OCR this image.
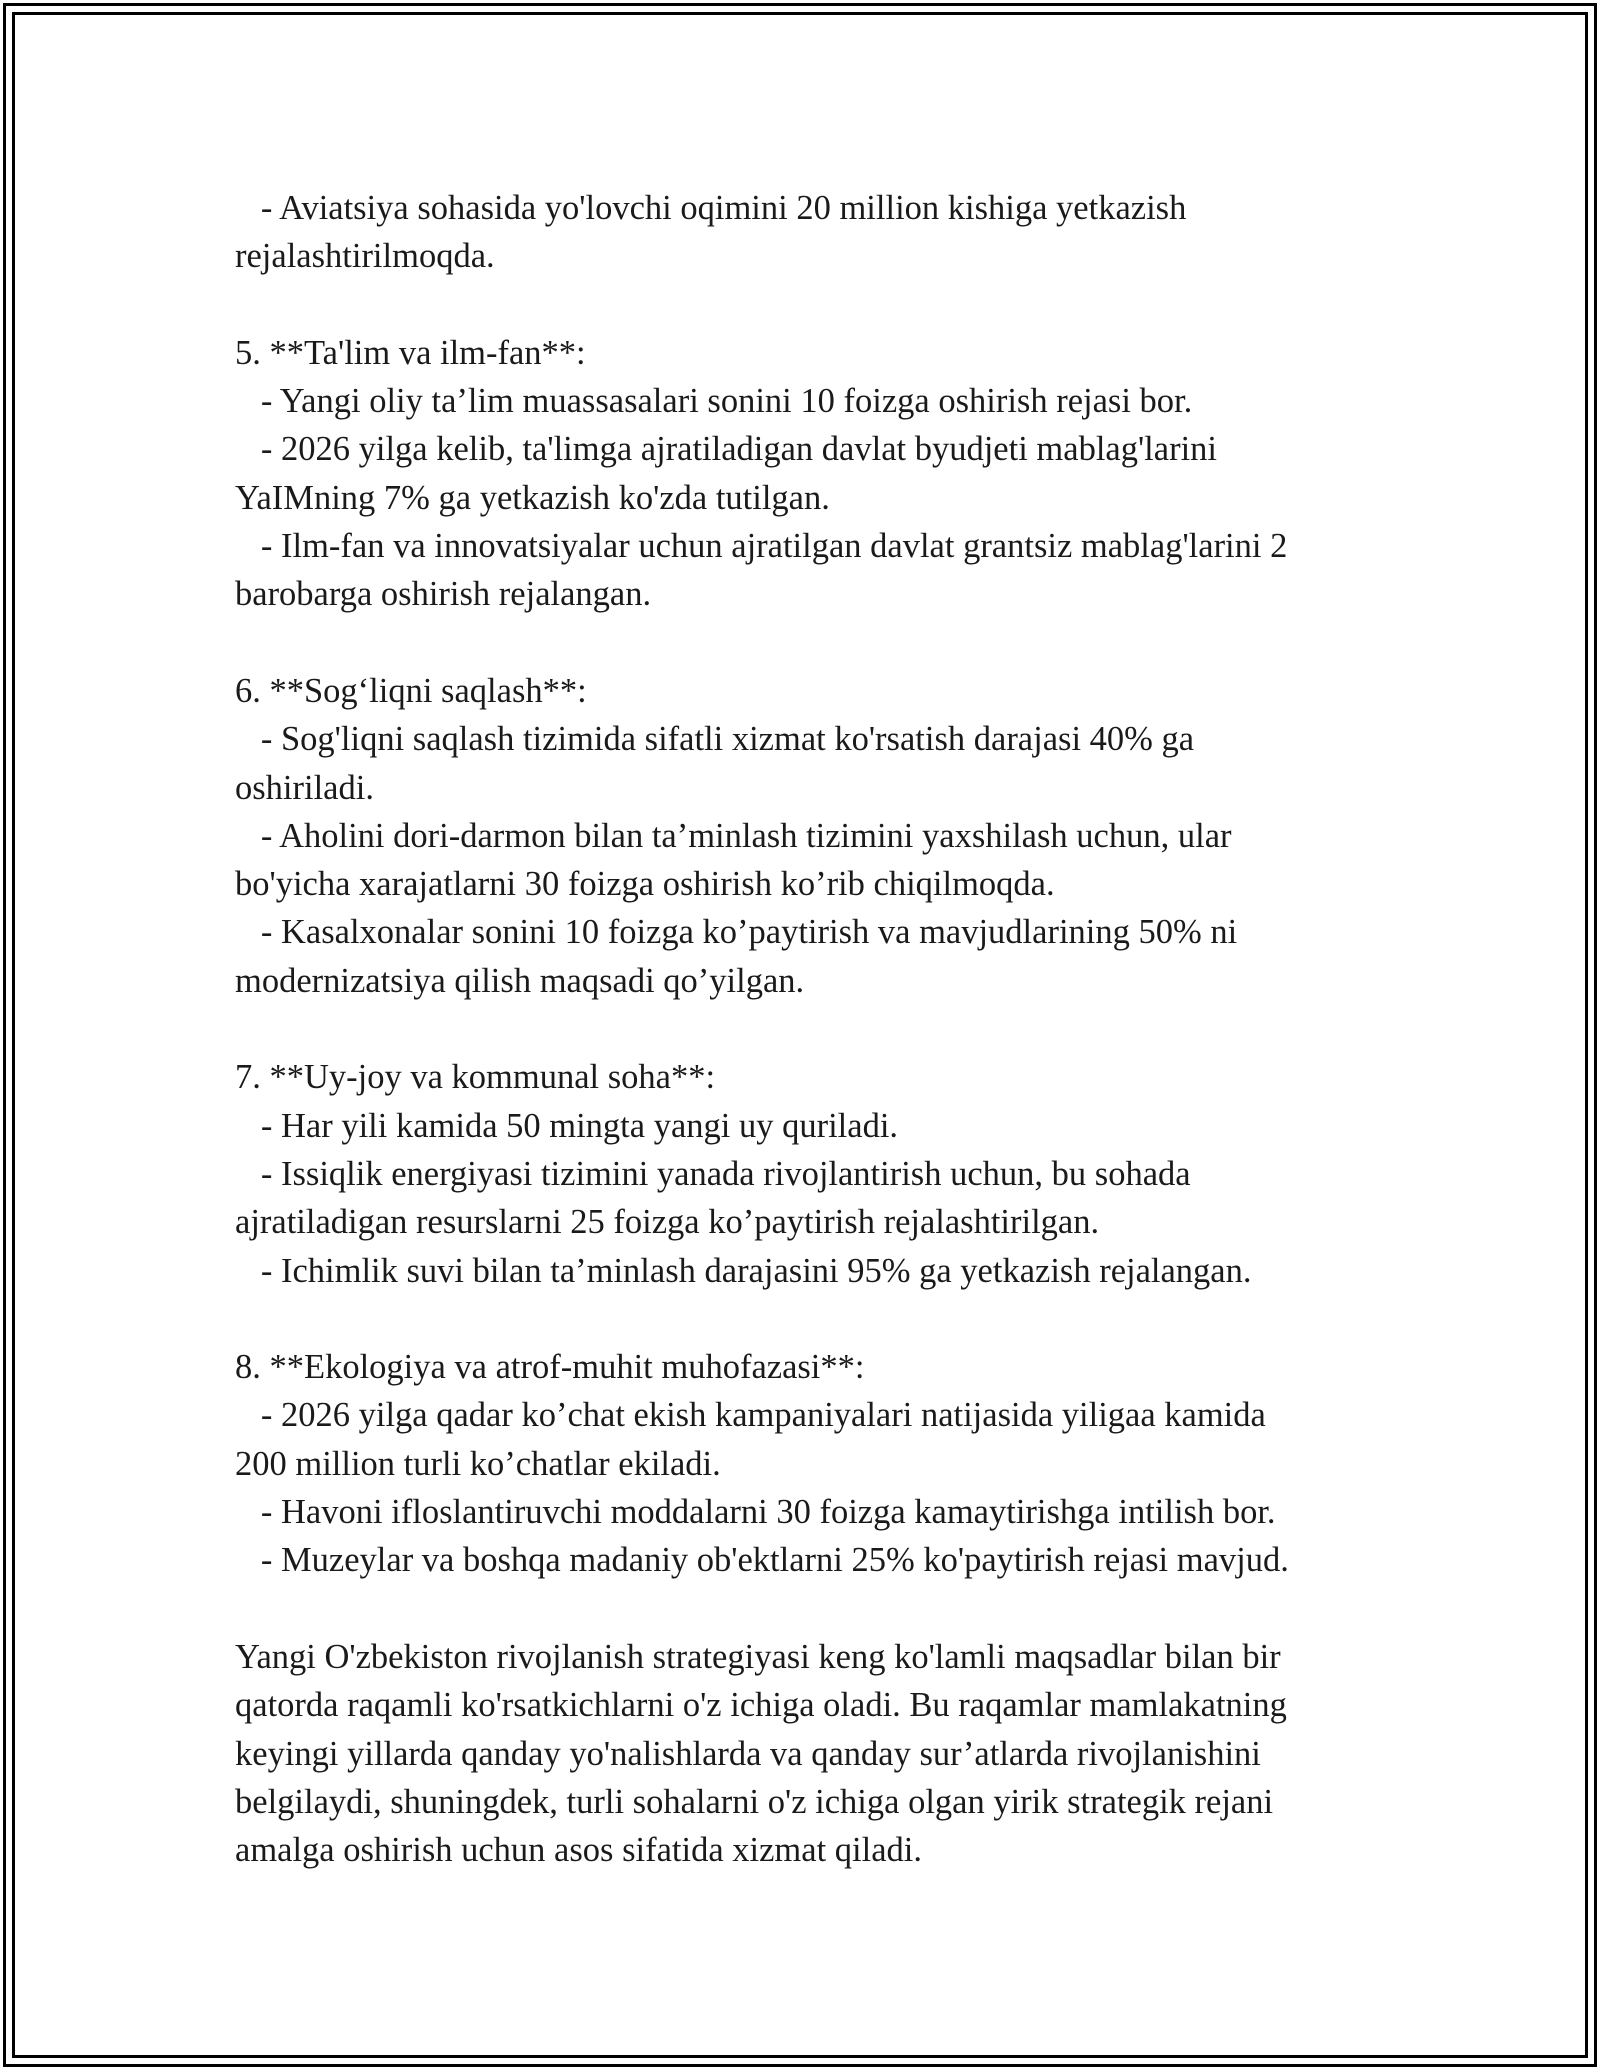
- Aviatsiya sohasida yo'lovchi oqimini 20 million kishiga yetkazish
rejalashtirilmoqda.
5. **Ta'lim va ilm-fan**:
- Yangi oliy ta’lim muassasalari sonini 10 foizga oshirish rejasi bor.
- 2026 yilga kelib, ta'limga ajratiladigan davlat byudjeti mablag'larini
YaIMning 7% ga yetkazish ko'zda tutilgan.
- Ilm-fan va innovatsiyalar uchun ajratilgan davlat grantsiz mablag'larini 2
barobarga oshirish rejalangan.
6. **Sog‘liqni saqlash**:
- Sog'liqni saqlash tizimida sifatli xizmat ko'rsatish darajasi 40% ga
oshiriladi.
- Aholini dori-darmon bilan ta’minlash tizimini yaxshilash uchun, ular
bo'yicha xarajatlarni 30 foizga oshirish ko’rib chiqilmoqda.
- Kasalxonalar sonini 10 foizga ko’paytirish va mavjudlarining 50% ni
modernizatsiya qilish maqsadi qo’yilgan.
7. **Uy-joy va kommunal soha**:
- Har yili kamida 50 mingta yangi uy quriladi.
- Issiqlik energiyasi tizimini yanada rivojlantirish uchun, bu sohada
ajratiladigan resurslarni 25 foizga ko’paytirish rejalashtirilgan.
- Ichimlik suvi bilan ta’minlash darajasini 95% ga yetkazish rejalangan.
8. **Ekologiya va atrof-muhit muhofazasi**:
- 2026 yilga qadar ko’chat ekish kampaniyalari natijasida yiligaa kamida
200 million turli ko’chatlar ekiladi.
- Havoni ifloslantiruvchi moddalarni 30 foizga kamaytirishga intilish bor.
- Muzeylar va boshqa madaniy ob'ektlarni 25% ko'paytirish rejasi mavjud.
Yangi O'zbekiston rivojlanish strategiyasi keng ko'lamli maqsadlar bilan bir
qatorda raqamli ko'rsatkichlarni o'z ichiga oladi. Bu raqamlar mamlakatning
keyingi yillarda qanday yo'nalishlarda va qanday sur’atlarda rivojlanishini
belgilaydi, shuningdek, turli sohalarni o'z ichiga olgan yirik strategik rejani
amalga oshirish uchun asos sifatida xizmat qiladi.
